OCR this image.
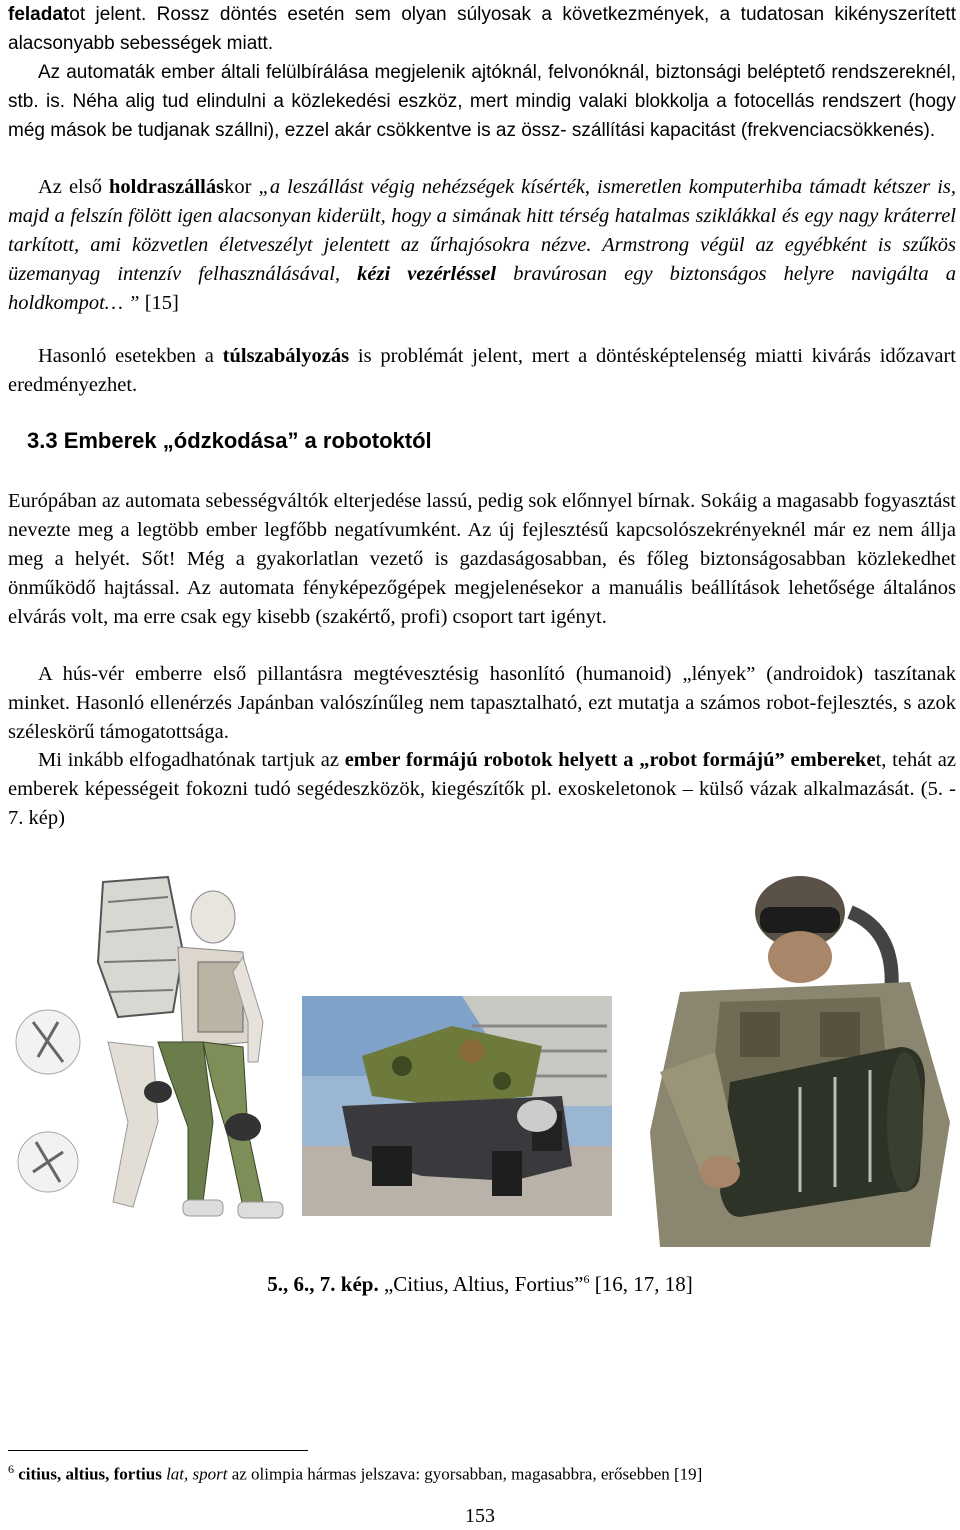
feladatot jelent. Rossz döntés esetén sem olyan súlyosak a következmények, a tudatosan kikényszerített alacsonyabb sebességek miatt.

Az automaták ember általi felülbírálása megjelenik ajtóknál, felvonóknál, biztonsági beléptető rendszereknél, stb. is. Néha alig tud elindulni a közlekedési eszköz, mert mindig valaki blokkolja a fotocellás rendszert (hogy még mások be tudjanak szállni), ezzel akár csökkentve is az össz- szállítási kapacitást (frekvenciacsökkenés).

Az első holdraszálláskor „a leszállást végig nehézségek kísérték, ismeretlen komputerhiba támadt kétszer is, majd a felszín fölött igen alacsonyan kiderült, hogy a simának hitt térség hatalmas sziklákkal és egy nagy kráterrel tarkított, ami közvetlen életveszélyt jelentett az űrhajósokra nézve. Armstrong végül az egyébként is szűkös üzemanyag intenzív felhasználásával, kézi vezérléssel bravúrosan egy biztonságos helyre navigálta a holdkompot… ” [15]

Hasonló esetekben a túlszabályozás is problémát jelent, mert a döntésképtelenség miatti kivárás időzavart eredményezhet.

3.3 Emberek „ódzkodása” a robotoktól

Európában az automata sebességváltók elterjedése lassú, pedig sok előnnyel bírnak. Sokáig a magasabb fogyasztást nevezte meg a legtöbb ember legfőbb negatívumként. Az új fejlesztésű kapcsolószekrényeknél már ez nem állja meg a helyét. Sőt! Még a gyakorlatlan vezető is gazdaságosabban, és főleg biztonságosabban közlekedhet önműködő hajtással. Az automata fényképezőgépek megjelenésekor a manuális beállítások lehetősége általános elvárás volt, ma erre csak egy kisebb (szakértő, profi) csoport tart igényt.

A hús-vér emberre első pillantásra megtévesztésig hasonlító (humanoid) „lények” (androidok) taszítanak minket. Hasonló ellenérzés Japánban valószínűleg nem tapasztalható, ezt mutatja a számos robot-fejlesztés, s azok széleskörű támogatottsága.

Mi inkább elfogadhatónak tartjuk az ember formájú robotok helyett a „robot formájú” embereket, tehát az emberek képességeit fokozni tudó segédeszközök, kiegészítők pl. exoskeletonok – külső vázak alkalmazását. (5. - 7. kép)

5., 6., 7. kép. „Citius, Altius, Fortius”$^6$ [16, 17, 18]
$^6$ citius, altius, fortius lat, sport az olimpia hármas jelszava: gyorsabban, magasabbra, erősebben [19]
153
